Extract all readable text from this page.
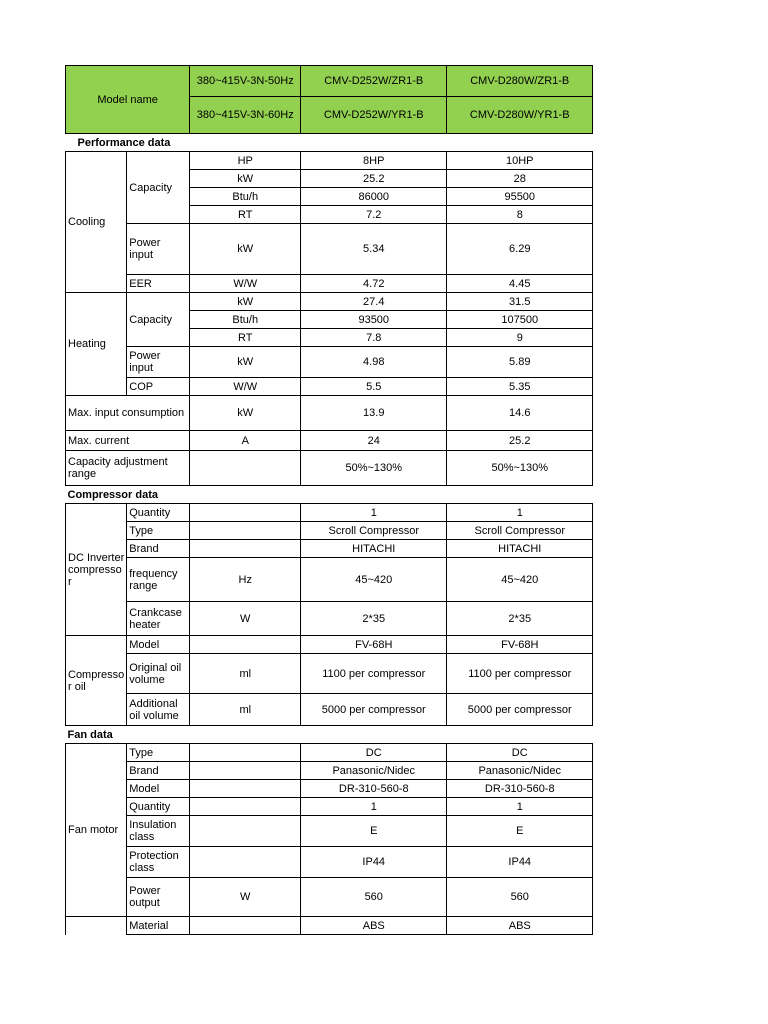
Model name		380~415V-3N-50Hz	CMV-D252W/ZR1-B	CMV-D280W/ZR1-B
		380~415V-3N-60Hz	CMV-D252W/YR1-B	CMV-D280W/YR1-B
Performance data				
Cooling	Capacity	HP	8HP	10HP
		kW	25.2	28
		Btu/h	86000	95500
		RT	7.2	8
	Power input	kW	5.34	6.29
	EER	W/W	4.72	4.45
Heating	Capacity	kW	27.4	31.5
		Btu/h	93500	107500
		RT	7.8	9
	Power input	kW	4.98	5.89
	COP	W/W	5.5	5.35
Max. input consumption		kW	13.9	14.6
Max. current		A	24	25.2
Capacity adjustment range			50%~130%	50%~130%
Compressor data				
DC Inverter compresso r	Quantity		1	1
	Type		Scroll Compressor	Scroll Compressor
	Brand		HITACHI	HITACHI
	frequency range	Hz	45~420	45~420
	Crankcase heater	W	2*35	2*35
Compresso r oil	Model		FV-68H	FV-68H
	Original oil volume	ml	1100 per compressor	1100 per compressor
	Additional oil volume	ml	5000 per compressor	5000 per compressor
Fan data				
Fan motor	Type		DC	DC
	Brand		Panasonic/Nidec	Panasonic/Nidec
	Model		DR-310-560-8	DR-310-560-8
	Quantity		1	1
	Insulation class		E	E
	Protection class		IP44	IP44
	Power output	W	560	560
	Material		ABS	ABS
